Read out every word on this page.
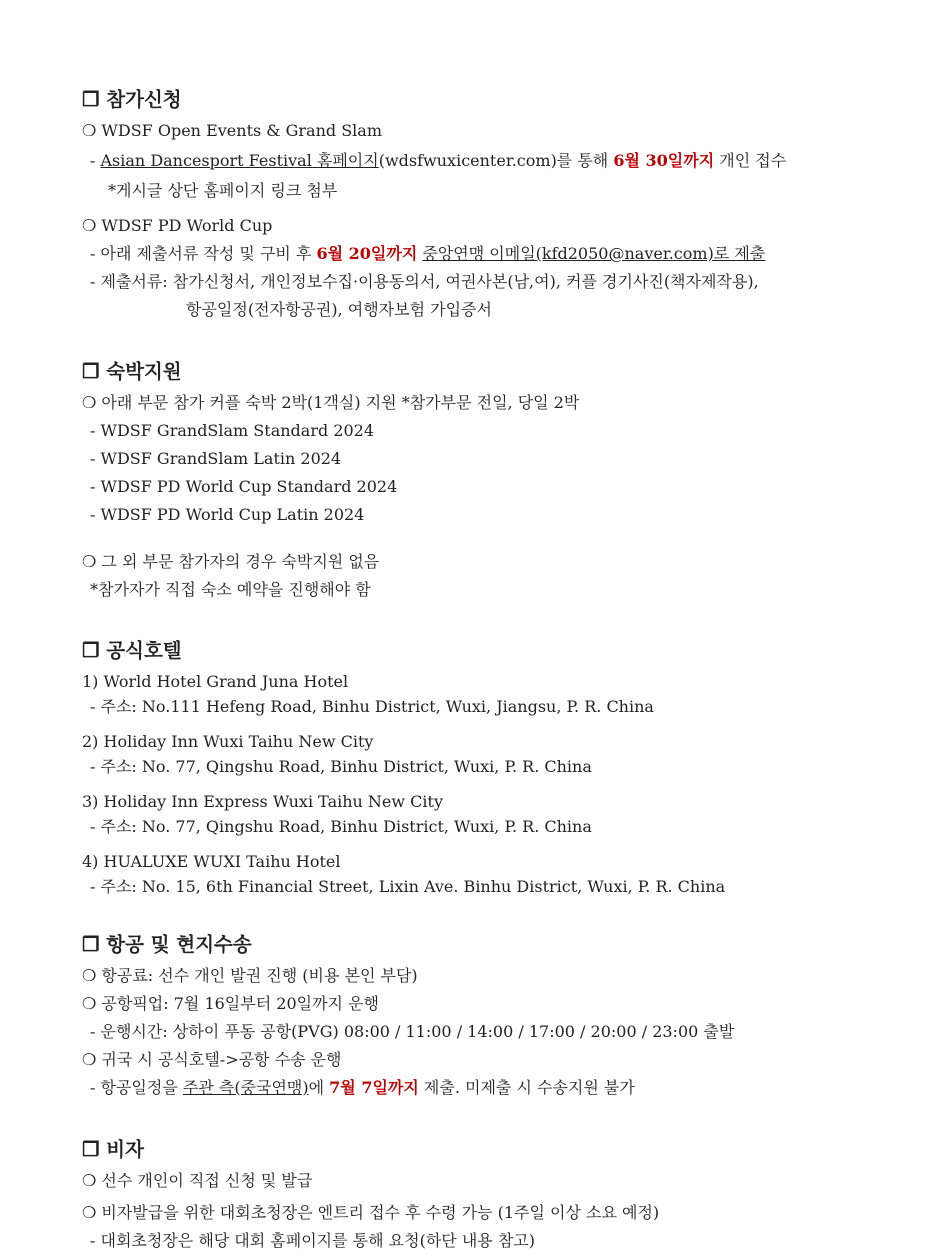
❐ 참가신청
❍ WDSF Open Events & Grand Slam
- Asian Dancesport Festival 홈페이지(wdsfwuxicenter.com)를 통해 6월 30일까지 개인 접수
*게시글 상단 홈페이지 링크 첨부
❍ WDSF PD World Cup
- 아래 제출서류 작성 및 구비 후 6월 20일까지 중앙연맹 이메일(kfd2050@naver.com)로 제출
- 제출서류: 참가신청서, 개인정보수집·이용동의서, 여권사본(남,여), 커플 경기사진(책자제작용),
항공일정(전자항공권), 여행자보험 가입증서
❐ 숙박지원
❍ 아래 부문 참가 커플 숙박 2박(1객실) 지원 *참가부문 전일, 당일 2박
- WDSF GrandSlam Standard 2024
- WDSF GrandSlam Latin 2024
- WDSF PD World Cup Standard 2024
- WDSF PD World Cup Latin 2024
❍ 그 외 부문 참가자의 경우 숙박지원 없음
*참가자가 직접 숙소 예약을 진행해야 함
❐ 공식호텔
1) World Hotel Grand Juna Hotel
- 주소: No.111 Hefeng Road, Binhu District, Wuxi, Jiangsu, P. R. China
2) Holiday Inn Wuxi Taihu New City
- 주소: No. 77, Qingshu Road, Binhu District, Wuxi, P. R. China
3) Holiday Inn Express Wuxi Taihu New City
- 주소: No. 77, Qingshu Road, Binhu District, Wuxi, P. R. China
4) HUALUXE WUXI Taihu Hotel
- 주소: No. 15, 6th Financial Street, Lixin Ave. Binhu District, Wuxi, P. R. China
❐ 항공 및 현지수송
❍ 항공료: 선수 개인 발권 진행 (비용 본인 부담)
❍ 공항픽업: 7월 16일부터 20일까지 운행
- 운행시간: 상하이 푸동 공항(PVG) 08:00 / 11:00 / 14:00 / 17:00 / 20:00 / 23:00 출발
❍ 귀국 시 공식호텔->공항 수송 운행
- 항공일정을 주관 측(중국연맹)에 7월 7일까지 제출. 미제출 시 수송지원 불가
❐ 비자
❍ 선수 개인이 직접 신청 및 발급
❍ 비자발급을 위한 대회초청장은 엔트리 접수 후 수령 가능 (1주일 이상 소요 예정)
- 대회초청장은 해당 대회 홈페이지를 통해 요청(하단 내용 참고)
